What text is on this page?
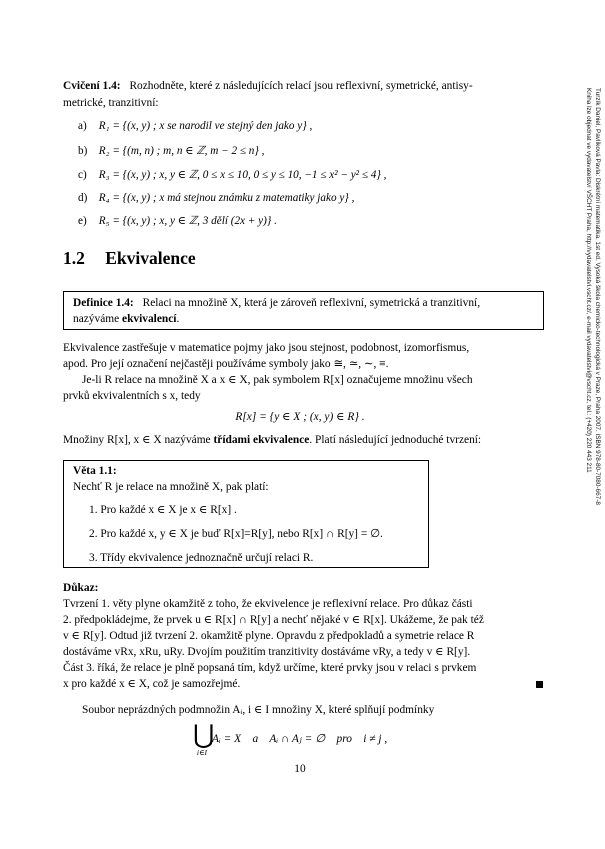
Cvičení 1.4: Rozhodněte, které z následujících relací jsou reflexivní, symetrické, antisy-
metrické, tranzitivní:
a) R₁ = {(x, y) ; x se narodil ve stejný den jako y} ,
b) R₂ = {(m, n) ; m, n ∈ ℤ, m − 2 ≤ n} ,
c) R₃ = {(x, y) ; x, y ∈ ℤ, 0 ≤ x ≤ 10, 0 ≤ y ≤ 10, −1 ≤ x² − y² ≤ 4} ,
d) R₄ = {(x, y) ; x má stejnou známku z matematiky jako y} ,
e) R₅ = {(x, y) ; x, y ∈ ℤ, 3 dělí (2x + y)} .
1.2 Ekvivalence
Definice 1.4: Relaci na množině X, která je zároveň reflexivní, symetrická a tranzitivní,
nazýváme ekvivalencí.
Ekvivalence zastřešuje v matematice pojmy jako jsou stejnost, podobnost, izomorfismus,
apod. Pro její označení nejčastěji používáme symboly jako ≅, ≃, ∼, ≡.
Je-li R relace na množině X a x ∈ X, pak symbolem R[x] označujeme množinu všech
prvků ekvivalentních s x, tedy
R[x] = {y ∈ X ; (x, y) ∈ R} .
Množiny R[x], x ∈ X nazýváme třídami ekvivalence. Platí následující jednoduché tvrzení:
Věta 1.1:
Nechť R je relace na množině X, pak platí:
1. Pro každé x ∈ X je x ∈ R[x] .
2. Pro každé x, y ∈ X je buď R[x]=R[y], nebo R[x] ∩ R[y] = ∅.
3. Třídy ekvivalence jednoznačně určují relaci R.
Důkaz:
Tvrzení 1. věty plyne okamžitě z toho, že ekvivelence je reflexivní relace. Pro důkaz části
2. předpokládejme, že prvek u ∈ R[x] ∩ R[y] a nechť nějaké v ∈ R[x]. Ukážeme, že pak též
v ∈ R[y]. Odtud již tvrzení 2. okamžitě plyne. Opravdu z předpokladů a symetrie relace R
dostáváme vRx, xRu, uRy. Dvojím použitím tranzitivity dostáváme vRy, a tedy v ∈ R[y].
Část 3. říká, že relace je plně popsaná tím, když určíme, které prvky jsou v relaci s prvkem
x pro každé x ∈ X, což je samozřejmé.
Soubor neprázdných podmnožin Aᵢ, i ∈ I množiny X, které splňují podmínky
⋃
i∈I
Aᵢ = X    a    Aᵢ ∩ Aⱼ = ∅    pro    i ≠ j ,
10
Turzík Daniel, Pavlíková Pavla: Diskrétní matematika. 1st ed. Vysoká škola chemicko-technologická v Praze, Praha 2007. ISBN 978-80-7080-667-8
Kniha lze objednat ve vydavatelství VŠCHT Praha, http://vydavatelstvi.vscht.cz/, e-mail vydavatelstvi@vscht.cz, tel.: (+420) 220 443 211
